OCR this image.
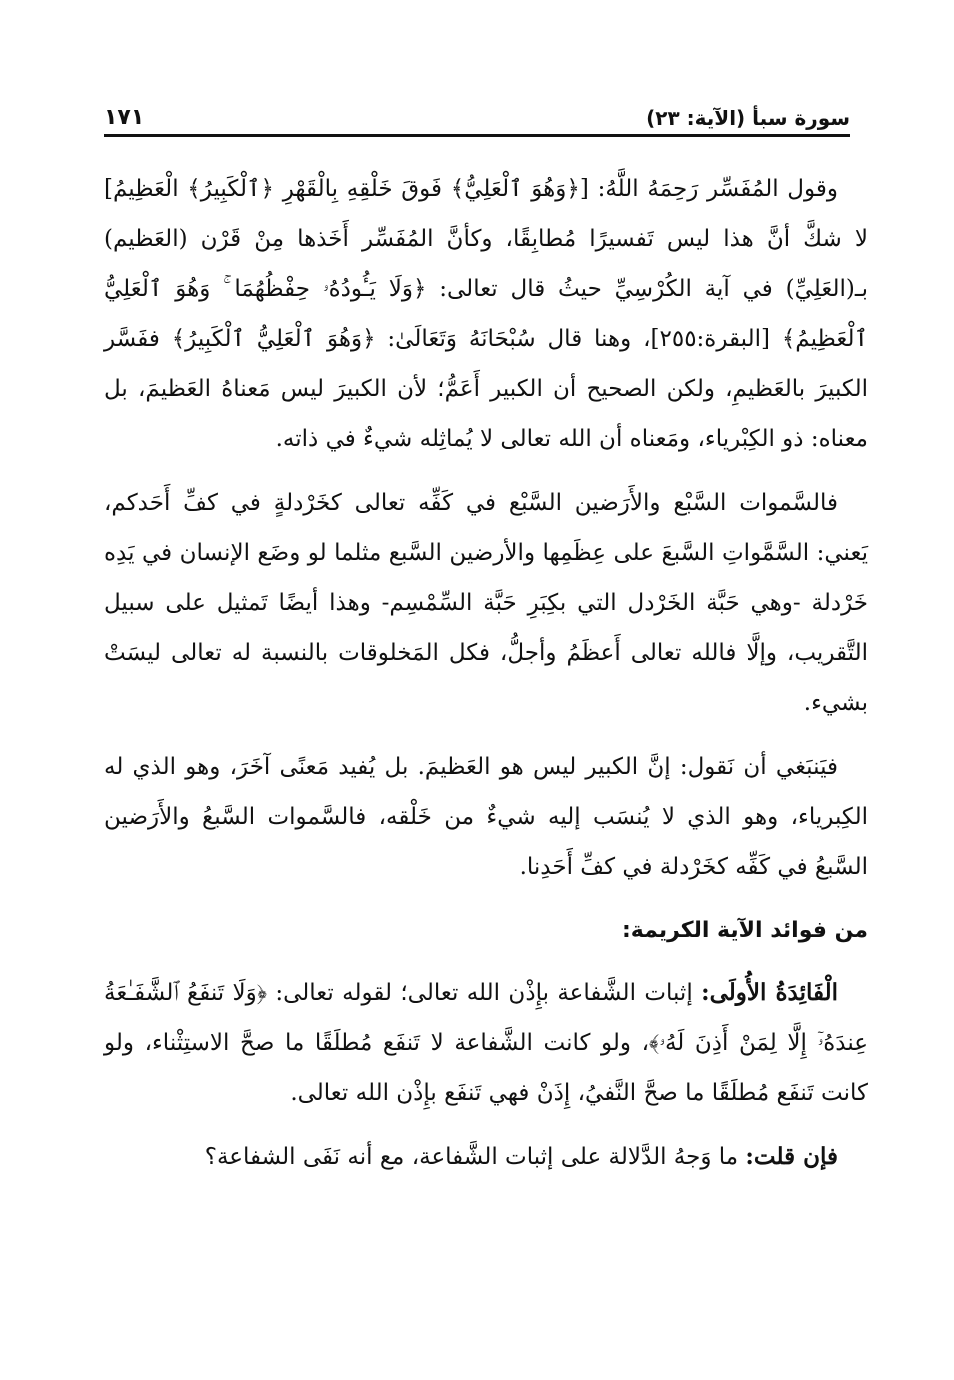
سورة سبأ (الآية: ٢٣)
١٧١

وقول المُفَسِّر رَحِمَهُ اللَّهُ: [﴿وَهُوَ ٱلْعَلِيُّ﴾ فَوقَ خَلْقِهِ بِالْقَهْرِ ﴿ٱلْكَبِيرُ﴾ الْعَظِيمُ] لا شكَّ أنَّ هذا ليس تَفسيرًا مُطابِقًا، وكأنَّ المُفَسِّر أَخَذها مِنْ قَرْن (العَظيم) بـ(العَلِيِّ) في آية الكُرْسِيِّ حيثُ قال تعالى: ﴿وَلَا يَـُٔودُهُۥ حِفْظُهُمَا ۚ وَهُوَ ٱلْعَلِيُّ ٱلْعَظِيمُ﴾ [البقرة:٢٥٥]، وهنا قال سُبْحَانَهُ وَتَعَالَىٰ: ﴿وَهُوَ ٱلْعَلِيُّ ٱلْكَبِيرُ﴾ ففَسَّر الكبيرَ بالعَظيمِ، ولكن الصحيح أن الكبير أَعَمُّ؛ لأن الكبيرَ ليس مَعناهُ العَظيمَ، بل معناه: ذو الكِبْرياء، ومَعناه أن الله تعالى لا يُماثِله شيءٌ في ذاته.

فالسَّموات السَّبْع والأَرَضين السَّبْع في كَفِّه تعالى كخَرْدلةٍ في كفِّ أَحَدكم، يَعني: السَّمَّواتِ السَّبعَ على عِظَمِها والأرضين السَّبع مثلما لو وضَع الإنسان في يَدِه خَرْدلة -وهي حَبَّة الخَرْدل التي بكِبَرِ حَبَّة السِّمْسِم- وهذا أيضًا تَمثيل على سبيل التَّقريب، وإلَّا فالله تعالى أَعظَمُ وأجلُّ، فكل المَخلوقات بالنسبة له تعالى ليسَتْ بشيء.

فيَنبَغي أن نَقول: إنَّ الكبير ليس هو العَظيمَ. بل يُفيد مَعنًى آخَرَ، وهو الذي له الكِبرياء، وهو الذي لا يُنسَب إليه شيءٌ من خَلْقه، فالسَّموات السَّبعُ والأَرَضين السَّبعُ في كَفِّه كخَرْدلة في كفِّ أَحَدِنا.

من فوائد الآية الكريمة:

الْفَائِدَةُ الأُولَى: إثبات الشَّفاعة بإِذْن الله تعالى؛ لقوله تعالى: ﴿وَلَا تَنفَعُ ٱلشَّفَـٰعَةُ عِندَهُۥٓ إِلَّا لِمَنْ أَذِنَ لَهُۥ﴾، ولو كانت الشَّفاعة لا تَنفَع مُطلَقًا ما صحَّ الاستِثْناء، ولو كانت تَنفَع مُطلَقًا ما صحَّ النَّفيُ، إِذَنْ فهي تَنفَع بإِذْن الله تعالى.

فإن قلت: ما وَجهُ الدَّلالة على إثبات الشَّفاعة، مع أنه نَفَى الشفاعة؟
